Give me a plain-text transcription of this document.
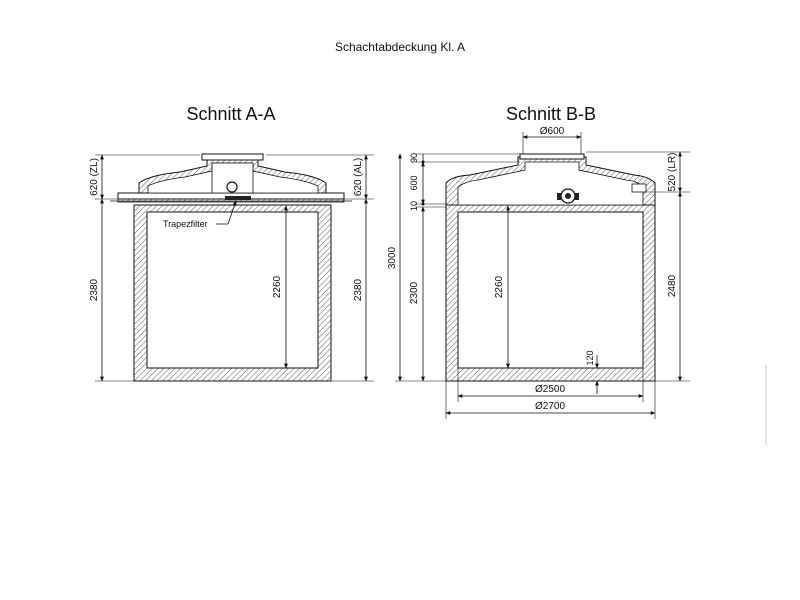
Schachtabdeckung Kl. A
Schnitt A-A
Trapezfilter
2260
620 (ZL)
2380
620 (AL)
2380
Schnitt B-B
Ø600
2260
120
3000
90
600
10
2300
520 (LR)
2480
Ø2500
Ø2700
